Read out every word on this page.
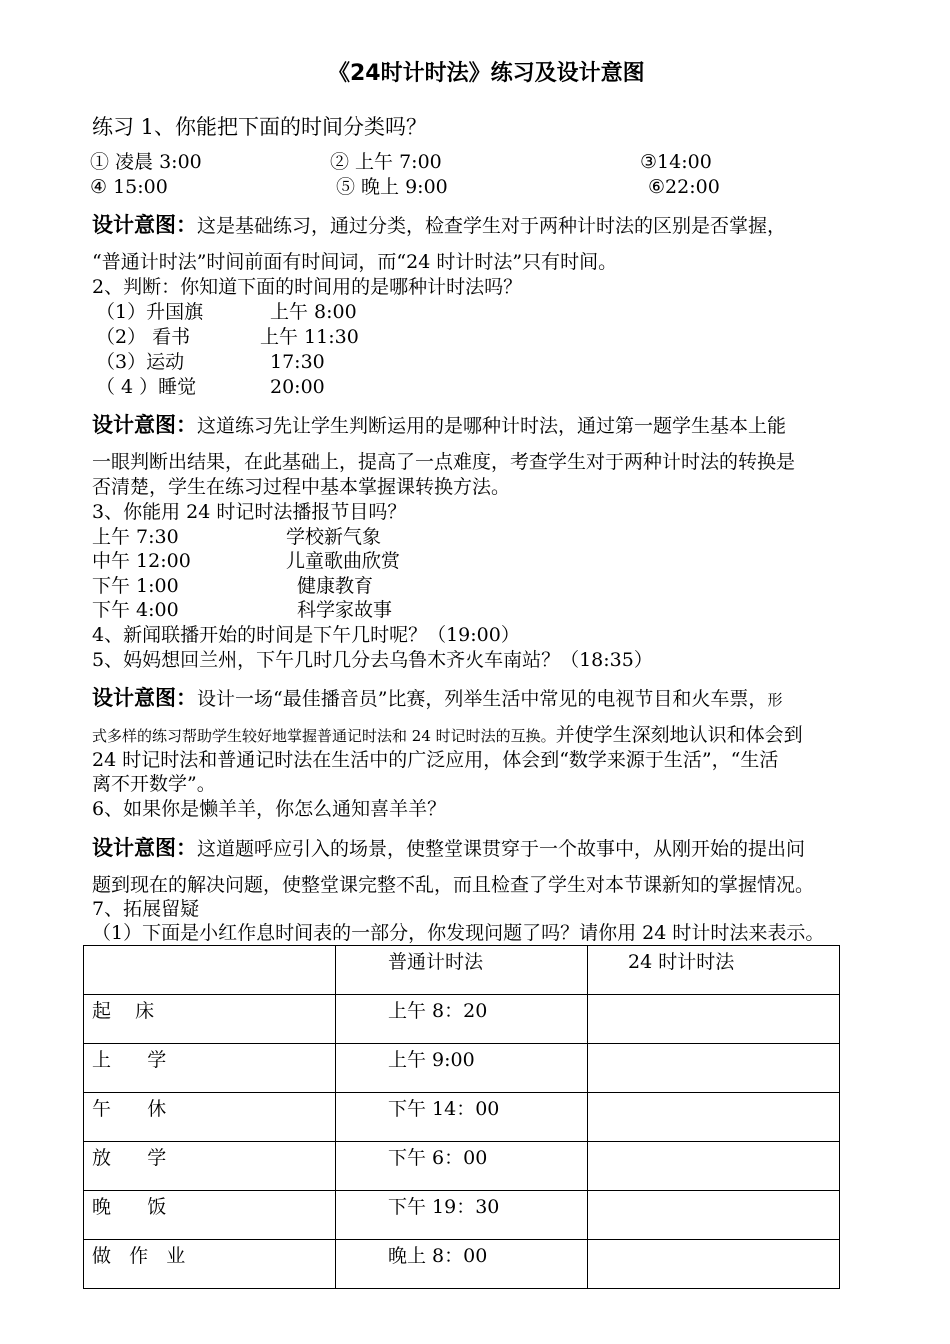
《24时计时法》练习及设计意图
练习 1、你能把下面的时间分类吗？
① 凌晨 3:00	② 上午 7:00	③14:00
④ 15:00	⑤ 晚上 9:00	⑥22:00
设计意图：这是基础练习，通过分类，检查学生对于两种计时法的区别是否掌握，
“普通计时法”时间前面有时间词，而“24 时计时法”只有时间。
2、判断：你知道下面的时间用的是哪种计时法吗？
（1）升国旗	上午 8:00
（2） 看书	上午 11:30
（3）运动	17:30
（ 4 ）睡觉	20:00
设计意图：这道练习先让学生判断运用的是哪种计时法，通过第一题学生基本上能
一眼判断出结果，在此基础上，提高了一点难度，考查学生对于两种计时法的转换是
否清楚，学生在练习过程中基本掌握课转换方法。
3、你能用 24 时记时法播报节目吗？
上午 7:30	学校新气象
中午 12:00	儿童歌曲欣赏
下午 1:00	健康教育
下午 4:00	科学家故事
4、新闻联播开始的时间是下午几时呢？（19:00）
5、妈妈想回兰州，下午几时几分去乌鲁木齐火车南站？（18:35）
设计意图：设计一场“最佳播音员”比赛，列举生活中常见的电视节目和火车票，形
式多样的练习帮助学生较好地掌握普通记时法和 24 时记时法的互换。并使学生深刻地认识和体会到
24 时记时法和普通记时法在生活中的广泛应用，体会到“数学来源于生活”，“生活
离不开数学”。
6、如果你是懒羊羊，你怎么通知喜羊羊？
设计意图：这道题呼应引入的场景，使整堂课贯穿于一个故事中，从刚开始的提出问
题到现在的解决问题，使整堂课完整不乱，而且检查了学生对本节课新知的掌握情况。
7、拓展留疑
（1）下面是小红作息时间表的一部分，你发现问题了吗？请你用 24 时计时法来表示。

	普通计时法	24 时计时法

起    床	上午 8：20	

上      学	上午 9:00	

午      休	下午 14：00	

放      学	下午 6：00	

晚      饭	下午 19：30	

做   作   业	晚上 8：00	
